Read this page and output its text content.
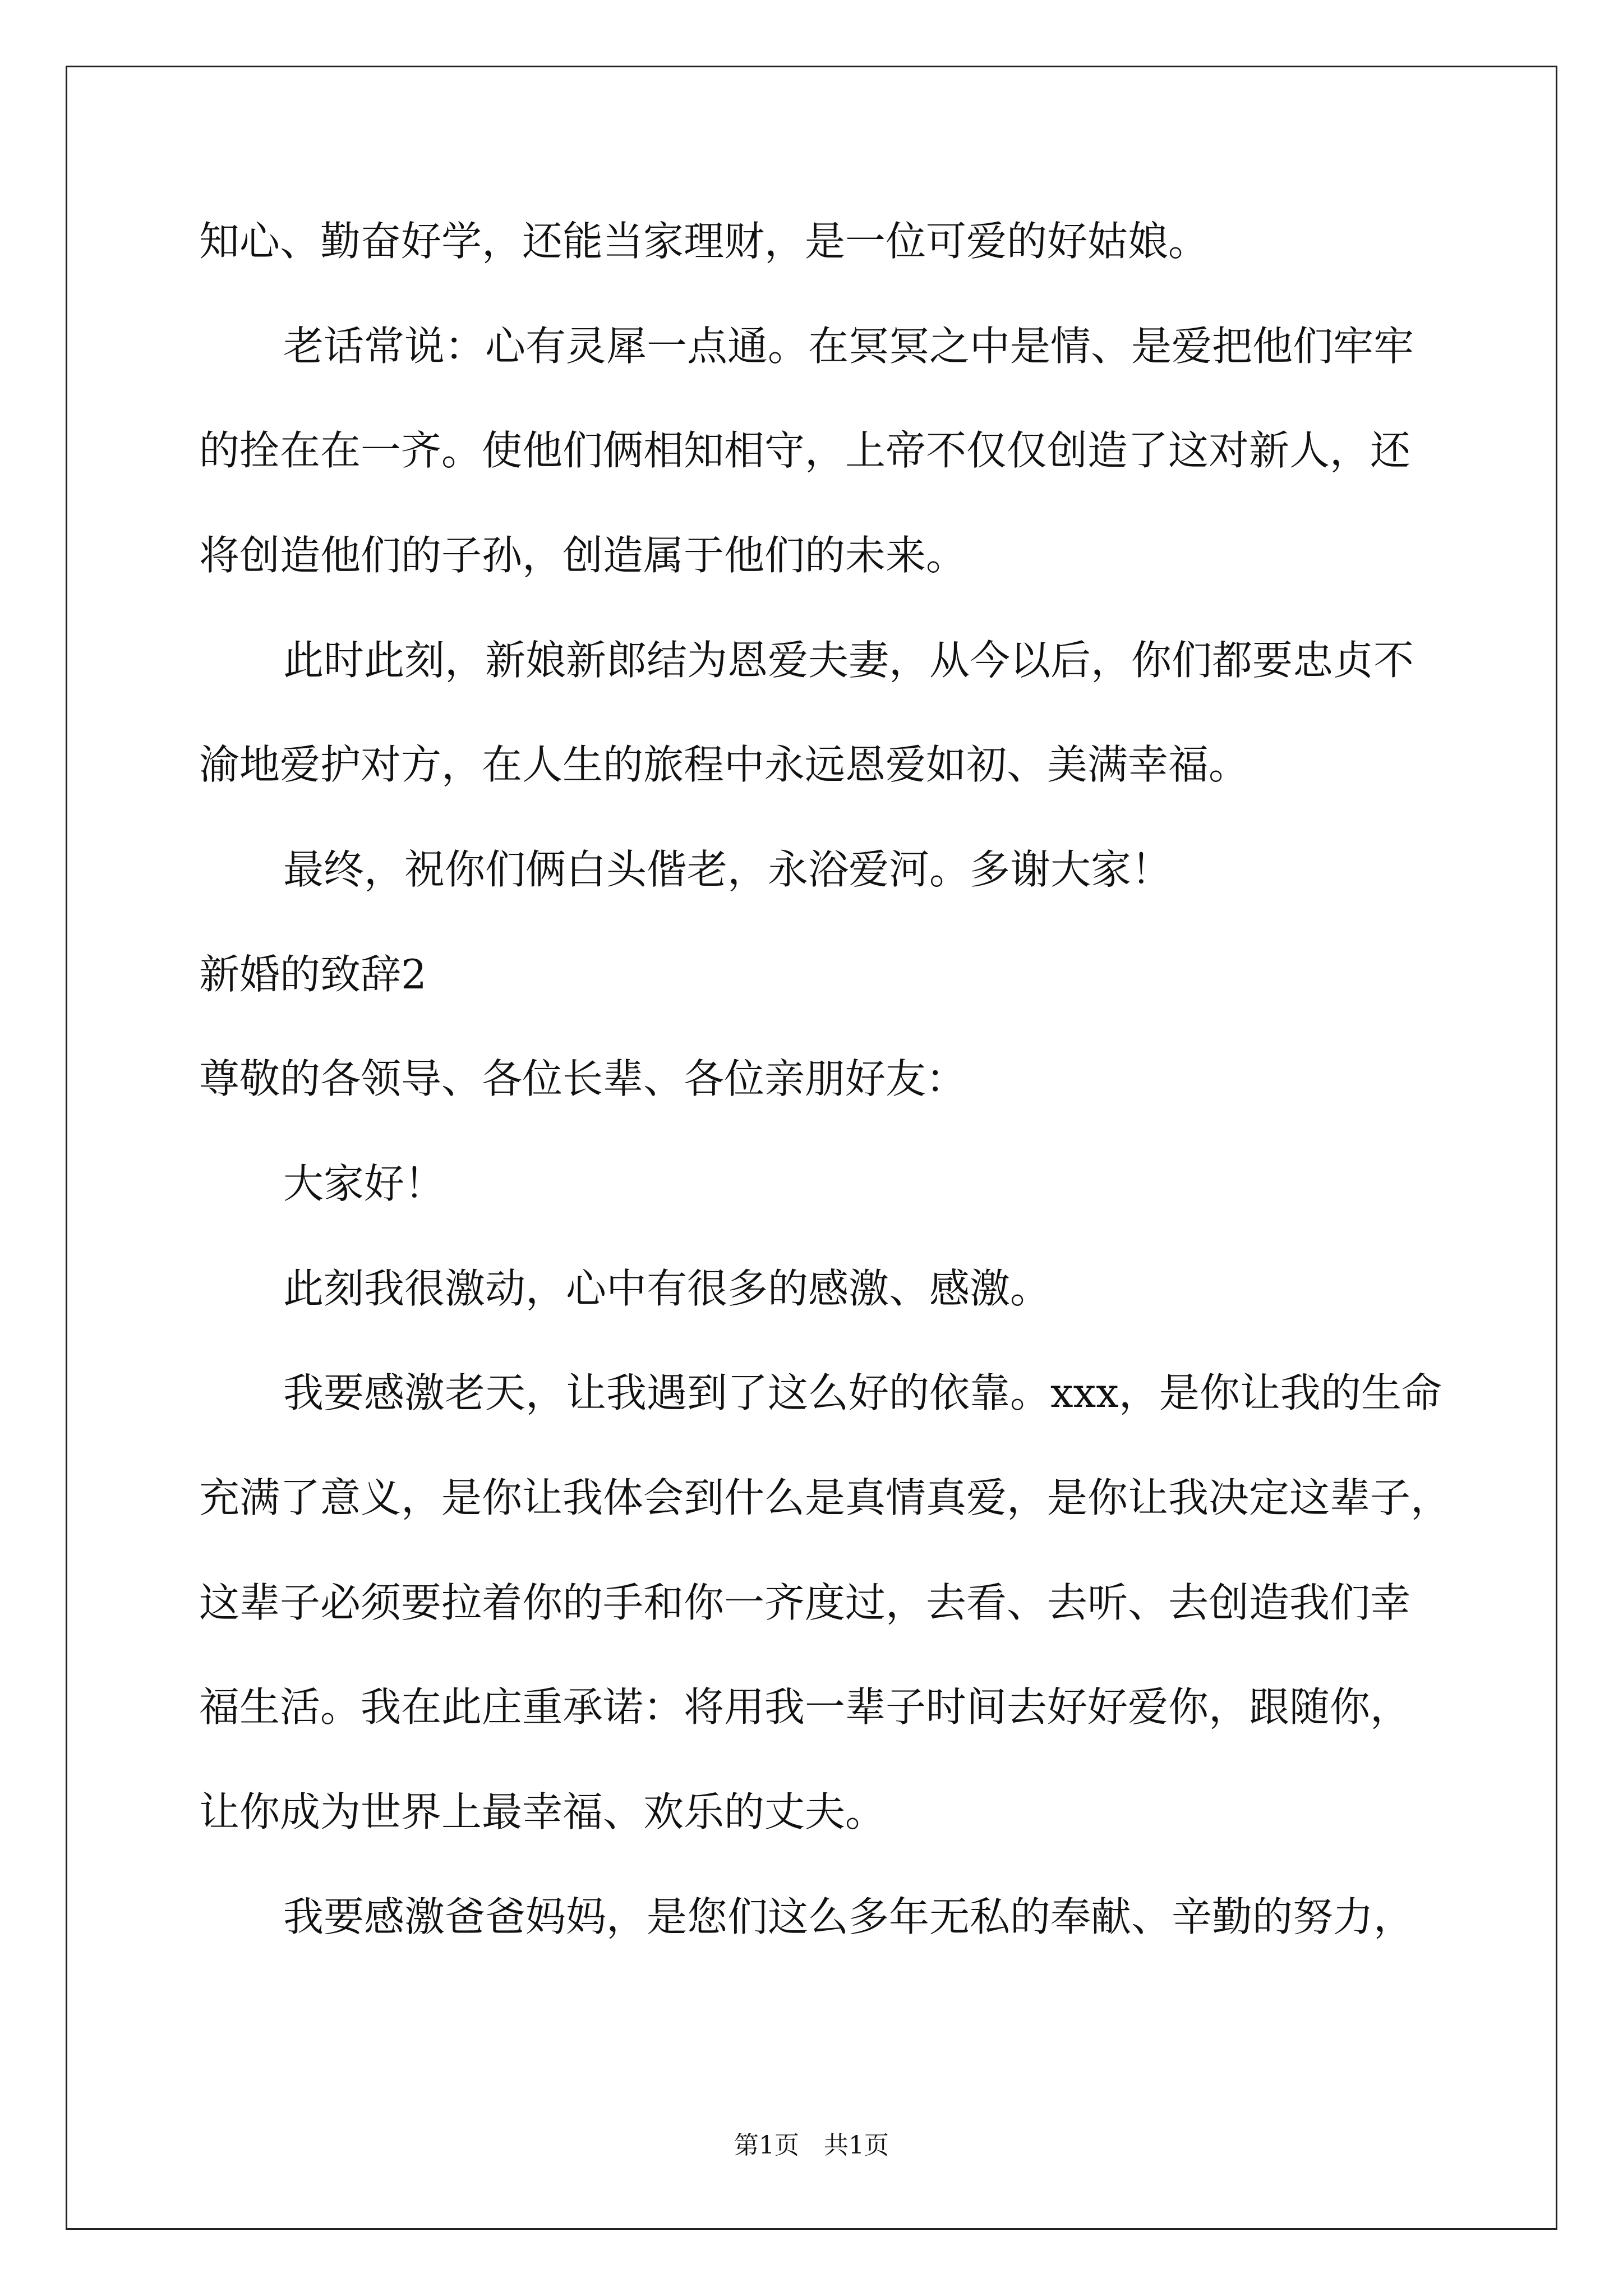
知心、勤奋好学，还能当家理财，是一位可爱的好姑娘。
老话常说：心有灵犀一点通。在冥冥之中是情、是爱把他们牢牢
的拴在在一齐。使他们俩相知相守，上帝不仅仅创造了这对新人，还
将创造他们的子孙，创造属于他们的未来。
此时此刻，新娘新郎结为恩爱夫妻，从今以后，你们都要忠贞不
渝地爱护对方，在人生的旅程中永远恩爱如初、美满幸福。
最终，祝你们俩白头偕老，永浴爱河。多谢大家！
新婚的致辞2
尊敬的各领导、各位长辈、各位亲朋好友：
大家好！
此刻我很激动，心中有很多的感激、感激。
我要感激老天，让我遇到了这么好的依靠。xxx，是你让我的生命
充满了意义，是你让我体会到什么是真情真爱，是你让我决定这辈子，
这辈子必须要拉着你的手和你一齐度过，去看、去听、去创造我们幸
福生活。我在此庄重承诺：将用我一辈子时间去好好爱你，跟随你，
让你成为世界上最幸福、欢乐的丈夫。
我要感激爸爸妈妈，是您们这么多年无私的奉献、辛勤的努力，
第1页　共1页
